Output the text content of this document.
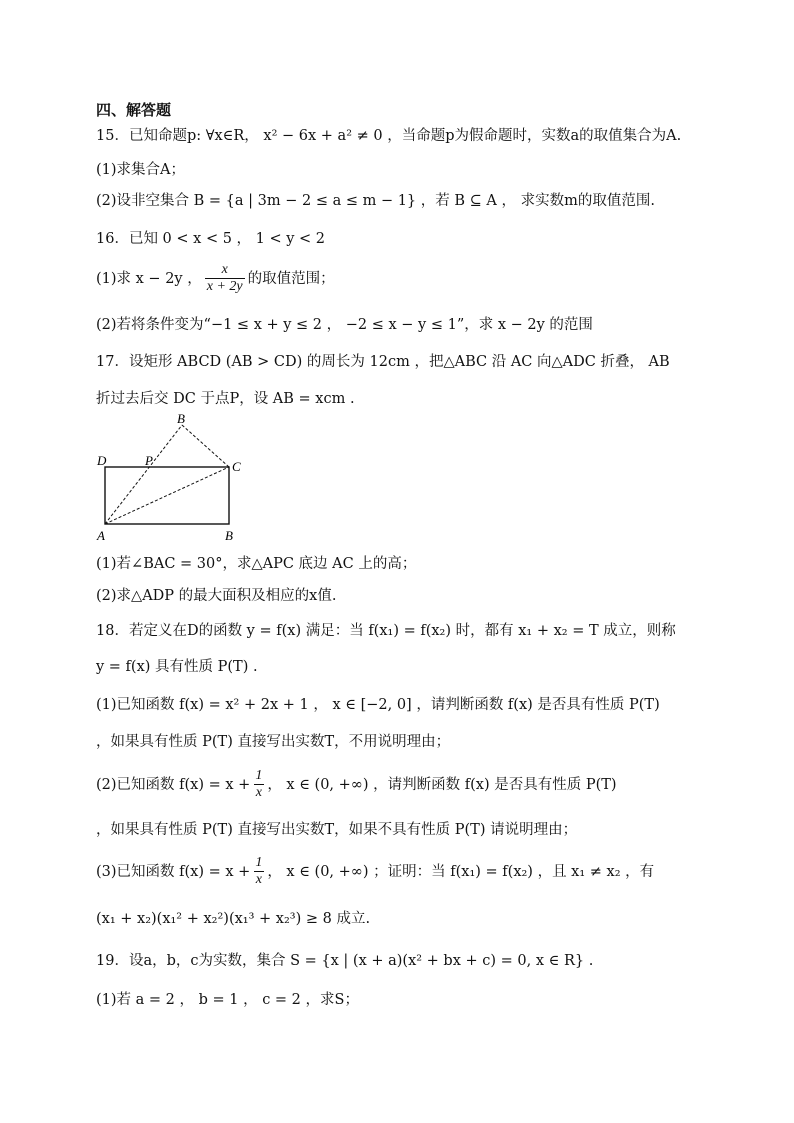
四、解答题
15．已知命题p: ∀x∈R， x² − 6x + a² ≠ 0 ，当命题p为假命题时，实数a的取值集合为A.
(1)求集合A；
(2)设非空集合 B = {a | 3m − 2 ≤ a ≤ m − 1} ，若 B ⊆ A ， 求实数m的取值范围.
16．已知 0 < x < 5 ， 1 < y < 2
(1)求 x − 2y ， $\frac{x}{x + 2y}$ 的取值范围；
(2)若将条件变为“−1 ≤ x + y ≤ 2 ， −2 ≤ x − y ≤ 1”，求 x − 2y 的范围
17．设矩形 ABCD (AB > CD) 的周长为 12cm ，把△ABC 沿 AC 向△ADC 折叠， AB
折过去后交 DC 于点P，设 AB = xcm .
B
D	P	C
A	B
(1)若∠BAC = 30°，求△APC 底边 AC 上的高；
(2)求△ADP 的最大面积及相应的x值.
18．若定义在D的函数 y = f(x) 满足：当 f(x₁) = f(x₂) 时，都有 x₁ + x₂ = T 成立，则称
y = f(x) 具有性质 P(T) .
(1)已知函数 f(x) = x² + 2x + 1 ， x ∈ [−2, 0] ，请判断函数 f(x) 是否具有性质 P(T)
，如果具有性质 P(T) 直接写出实数T，不用说明理由；
(2)已知函数 $f(x) = x + \frac{1}{x}$ ， x ∈ (0, +∞) ，请判断函数 f(x) 是否具有性质 P(T)
，如果具有性质 P(T) 直接写出实数T，如果不具有性质 P(T) 请说明理由；
(3)已知函数 $f(x) = x + \frac{1}{x}$ ， x ∈ (0, +∞) ；证明：当 f(x₁) = f(x₂) ，且 x₁ ≠ x₂ ，有
(x₁ + x₂)(x₁² + x₂²)(x₁³ + x₂³) ≥ 8 成立.
19．设a，b，c为实数，集合 S = {x | (x + a)(x² + bx + c) = 0, x ∈ R} .
(1)若 a = 2 ， b = 1 ， c = 2 ，求S；
